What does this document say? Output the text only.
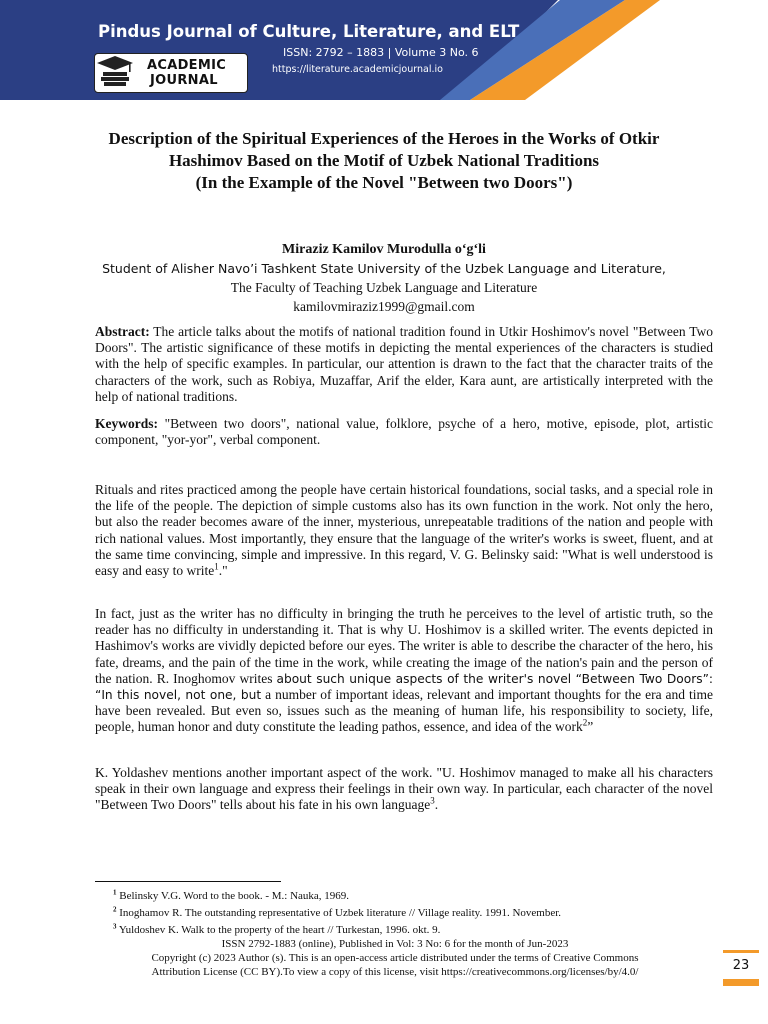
Pindus Journal of Culture, Literature, and ELT
ISSN: 2792 – 1883 | Volume 3 No. 6
https://literature.academicjournal.io
ACADEMIC
JOURNAL

Description of the Spiritual Experiences of the Heroes in the Works of Otkir

Hashimov Based on the Motif of Uzbek National Traditions

(In the Example of the Novel "Between two Doors")

Miraziz Kamilov Murodulla o‘g‘li

Student of Alisher Navo’i Tashkent State University of the Uzbek Language and Literature,

The Faculty of Teaching Uzbek Language and Literature

kamilovmiraziz1999@gmail.com

Abstract: The article talks about the motifs of national tradition found in Utkir Hoshimov's novel "Between Two Doors". The artistic significance of these motifs in depicting the mental experiences of the characters is studied with the help of specific examples. In particular, our attention is drawn to the fact that the character traits of the characters of the work, such as Robiya, Muzaffar, Arif the elder, Kara aunt, are artistically interpreted with the help of national traditions.

Keywords: "Between two doors", national value, folklore, psyche of a hero, motive, episode, plot, artistic component, "yor-yor", verbal component.

Rituals and rites practiced among the people have certain historical foundations, social tasks, and a special role in the life of the people. The depiction of simple customs also has its own function in the work. Not only the hero, but also the reader becomes aware of the inner, mysterious, unrepeatable traditions of the nation and people with rich national values. Most importantly, they ensure that the language of the writer's works is sweet, fluent, and at the same time convincing, simple and impressive. In this regard, V. G. Belinsky said: "What is well understood is easy and easy to write$^1$."

In fact, just as the writer has no difficulty in bringing the truth he perceives to the level of artistic truth, so the reader has no difficulty in understanding it. That is why U. Hoshimov is a skilled writer. The events depicted in Hashimov's works are vividly depicted before our eyes. The writer is able to describe the character of the hero, his fate, dreams, and the pain of the time in the work, while creating the image of the nation's pain and the person of the nation. R. Inoghomov writes about such unique aspects of the writer's novel “Between Two Doors”: “In this novel, not one, but a number of important ideas, relevant and important thoughts for the era and time have been revealed. But even so, issues such as the meaning of human life, his responsibility to society, life, people, human honor and duty constitute the leading pathos, essence, and idea of the work$^2$”

K. Yoldashev mentions another important aspect of the work. "U. Hoshimov managed to make all his characters speak in their own language and express their feelings in their own way. In particular, each character of the novel "Between Two Doors" tells about his fate in his own language$^3$.

$^1$ Belinsky V.G. Word to the book. - M.: Nauka, 1969.

$^2$ Inoghamov R. The outstanding representative of Uzbek literature // Village reality. 1991. November.

$^3$ Yuldoshev K. Walk to the property of the heart // Turkestan, 1996. okt. 9.

ISSN 2792-1883 (online), Published in Vol: 3 No: 6 for the month of Jun-2023
Copyright (c) 2023 Author (s). This is an open-access article distributed under the terms of Creative Commons
Attribution License (CC BY).To view a copy of this license, visit https://creativecommons.org/licenses/by/4.0/	23
